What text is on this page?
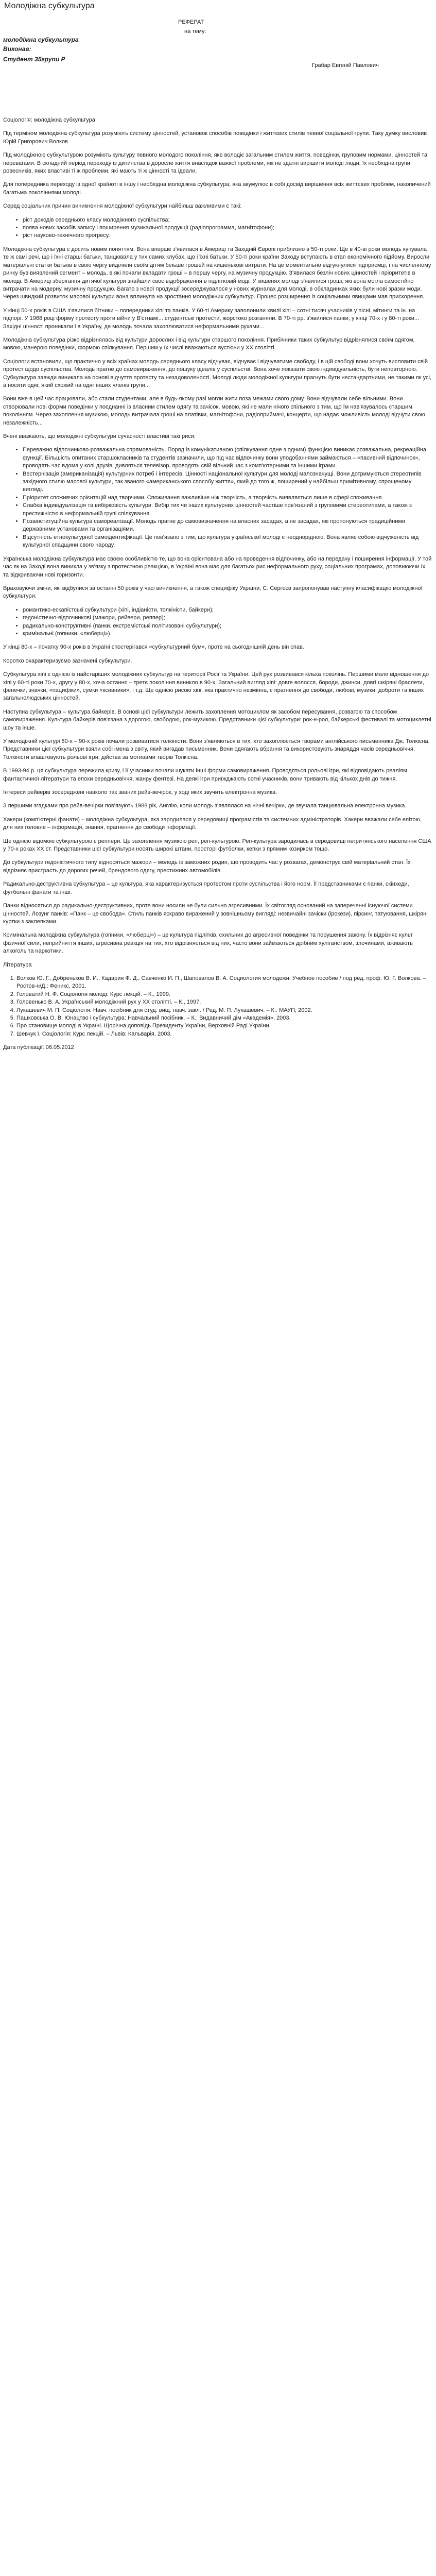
Молодіжна субкультура
РЕФЕРАТ
на тему:
молодіжна субкультура
Виконав:
Студент 35групи Р
Грабар Евгеній Павлович

Соціологія: молодіжна субкультура

Під терміном молодіжна субкультура розуміють систему цінностей, установок способів поведінки і життєвих стилів певної соціальної групи. Таку думку висловив Юрій Григорович Волков

Під молодіжною субкультурою розуміють культуру певного молодого покоління, яке володіє загальним стилем життя, поведінки, груповим нормами, цінностей та перевагами. В складний період переходу із дитинства в доросле життя внаслідок важкої проблеми, які не здатні вирішити молоді люди, їх необхідна групи ровесників, яких властиві ті ж проблеми, які мають ті ж цінності та ідеали.

Для попередника переходу із одної країноті в іншу і необхідна молодіжна субкультура, яка акумулює в собі досвід вирішення всіх життєвих проблем, накопичений багатьма поколіннями молоді.

Серед соціальних причин виникнення молодіжної субкультури найбільш важливими є такі:

• ріст доходів середнього класу молодіжного суспільства;
• поява нових засобів запису і поширення музикальної продукції (радіопрограмма, магнітофони);
• ріст науково-технічного прогресу.

Молодіжна субкультура є досить новим поняттям. Вона вперше з'явилася в Америці та Західній Європі приблизно в 50-ті роки. Ще в 40-ві роки молодь купувала те ж самі речі, що і їхні старші батьки, танцювала у тих самих клубах, що і їхні батьки. У 50-ті роки країни Заходу вступають в етап економічного підйому. Виросли матеріальні статки батьків в свою чергу виділяли своїм дітям більше грошей на кишенькові витрати. На це моментально відгукнулися підприємці, і на численному ринку був виявлений сегмент – молодь, в які почали вкладати гроші – в першу чергу, на музичну продукцію. З'явилася безліч нових цінностей і пріоритетів в молоді. В Америці зберігання дитячої культури знайшли своє відображення в підлітковій моді. У кишенях молоді з'явилися гроші, які вона могла самостійно витрачати на модерну, музичну продукцію. Багато з нової продукції зосереджувалося у нових журналах для молоді, в обкладинках яких були нові зразки моди. Через швидкий розвиток масової культури вона вплинула на зростання молодіжних субкультур. Процес розширення із соціальними явищами мав прискорення.

У кінці 50-х років в США з'явилися бітники – попередники хіпі та панків. У 60-ті Америку заполонили хвилі хіпі – сотні тисяч учасників у пісні, мітинги та ін. на підпорі. У 1968 році форму протесту проти війни у В'єтнамі... студентські протести, жорстоко розганяли. В 70-ті рр. з'явилися панки, у кінці 70-х і у 80-ті роки... Західні цінності проникали і в Україну, де молодь почала захоплюватися неформальними рухами...

Молодіжна субкультура різко відрізнялась від культури дорослих і від культури старшого покоління. Прибічники таких субкультур відрізнялися своїм одягом, мовою, манерою поведінки, формою спілкування. Першим у їх числі вважаються вустюни у ХХ столітті.

Соціологи встановили, що практично у всіх країнах молодь середнього класу відчуває, відчуває і відчуватиме свободу, і в цій свободі вони хочуть висловити свій протест щодо суспільства. Молодь прагне до самовираження, до пошуку ідеалів у суспільстві. Вона хоче показати свою індивідуальність, бути неповторною. Субкультура завжди виникала на основі відчуття протесту та незадоволеності. Молоді люди молодіжної культури прагнуть бути нестандартними, не такими як усі, а носити одяг, який схожий на одяг інших членів групи...

Вони вже в цей час працювали, або стали студентами, але в будь-якому разі могли жити поза межами свого дому. Вони відчували себе вільними. Вони створювали нові форми поведінки у поєднанні із власним стилем одягу та зачісок, мовою, які не мали нічого спільного з тим, що їм нав'язувалось старшим поколінням. Через захоплення музикою, молодь витрачала гроші на платівки, магнітофони, радіоприймачі, концерти, що надає можливість молоді відчути свою незалежність...

Вчені вважають, що молодіжні субкультури сучасності властиві такі риси:

• Переважно відпочинково-розважальна спрямованість. Поряд із комунікативною (спілкування одне з одним) функцією виникає розважальна, рекреаційна функції. Більшість опитаних старшокласників та студентів зазначили, що під час відпочинку вони уподобаннями займаються – «пасивний відпочинок», проводять час вдома у колі друзів, дивляться телевізор, проводять свій вільний час з комп'ютерними та іншими іграми.
• Вестернізація (американізація) культурних потреб і інтересів. Цінності національної культури для молоді малозначущі. Вони дотримуються стереотипів західного стилю масової культури, так званого «американського способу життя», який до того ж, поширений у найбільш примітивному, спрощеному вигляді.
• Пріоритет споживчих орієнтацій над творчими. Споживання важливіше ніж творчість, а творчість виявляється лише в сфері споживання.
• Слабка індивідуалізація та вибірковість культури. Вибір тих чи інших культурних цінностей частіше пов'язаний з груповими стереотипами, а також з престижністю в неформальній групі спілкування.
• Позаінституційна культура самореалізації. Молодь прагне до самовизначення на власних засадах, а не засадах, які пропонуються традиційними державними установами та організаціями.
• Відсутність етнокультурної самоідентифікації. Це пов'язано з тим, що культура української молоді є неоднорідною. Вона являє собою відчуженість від культурної спадщини свого народу.

Українська молодіжна субкультура має своєю особливістю те, що вона орієнтована або на проведення відпочинку, або на передачу і поширення інформації. У той час як на Заході вона виникла у зв'язку з протестною реакцією, в Україні вона має для багатьох рис неформального руху, соціальних програмах, доповнюючи їх та відкриваючи нові горизонти.

Враховуючи зміни, які відбулися за останні 50 років у часі виникнення, а також специфіку України, С. Сергєєв запропонував наступну класифікацію молодіжної субкультури:

• романтико-ескапістські субкультури (хіпі, індіаністи, толкіністи, байкери);
• гедоністично-відпочинкові (мажори, рейвери, реппер);
• радикально-конструктивні (панки, екстремістські політизовані субкультури);
• кримінальні (гопники, «люберці»).

У кінці 80-х – початку 90-х років в Україні спостерігався «субкультурний бум», проте на сьогоднішній день він спав.

Коротко охарактеризуємо зазначені субкультури.

Субкультура хіпі є однією із найстаріших молодіжних субкультур на території Росії та України. Цей рух розвивався кілька поколінь. Першими мали відношення до хіпі у 60-ті роки 70-х, другу у 80-х, хоча останнє – третє покоління виникло в 90-х. Загальний вигляд хіпі: довге волосся, бороди, джинси, довгі шкіряні браслети, фенечки, значки, «пацифіки», сумки «ксивники», і т.д. Ще однією рисою хіпі, яка практично незмінна, є прагнення до свободи, любові, музики, доброти та інших загальнолюдських цінностей.

Наступна субкультура – культура байкерів. В основі цієї субкультури лежить захоплення мотоциклом як засобом пересування, розвагою та способом самовираження. Культура байкерів пов'язана з дорогою, свободою, рок-музикою. Представники цієї субкультури: рок-н-рол, байкерські фестивалі та мотоциклетні шоу та інше.

У молодіжній культурі 80-х – 90-х років почали розвиватися толкіністи. Вони з'являються в тих, хто захоплюється творами англійського письменника Дж. Толкієна. Представники цієї субкультури взяли собі імена з світу, який вигадав письменник. Вони одягають вбрання та використовують знаряддя часів середньовіччя. Толкіністи влаштовують рольові ігри, дійства за мотивами творів Толкієна.

В 1993-94 р. ця субкультура пережила кризу, і її учасники почали шукати інші форми самовираження. Проводяться рольові ігри, які відповідають реаліям фантастичної літератури та епохи середньовіччя, жанру фентезі. На деякі ігри приїжджають сотні учасників, вони тривають від кількох днів до тижня.

Інтереси рейверів зосереджені навколо так званих рейв-вечірок, у ході яких звучить електронна музика.

З першими згадками про рейв-вечірки пов'язують 1988 рік, Англію, коли молодь з'являлася на нічні вечірки, де звучала танцювальна електронна музика.

Хакери (комп'ютерні фанати) – молодіжна субкультура, яка зародилася у середовищі програмістів та системних адміністраторів. Хакери вважали себе елітою, для них головне – інформація, знання, прагнення до свободи інформації.

Ще однією відомою субкультурою є реппери. Це захоплення музикою реп, реп-культурою. Реп-культура зародилась в середовищі негритянського населення США у 70-х роках ХХ ст. Представники цієї субкультури носять широкі штани, просторі футболки, кепки з прямим козирком тощо.

До субкультури гедоністичного типу відносяться мажори – молодь із заможних родин, що проводить час у розвагах, демонструє свій матеріальний стан. Їх відрізняє пристрасть до дорогих речей, брендового одягу, престижних автомобілів.

Радикально-деструктивна субкультура – це культура, яка характеризується протестом проти суспільства і його норм. Її представниками є панки, скінхеди, футбольні фанати та інші.

Панки відносяться до радикально-деструктивних, проте вони носили не були сильно агресивними. Їх світогляд оснований на запереченні існуючої системи цінностей. Лозунг панків: «Панк – це свобода». Стиль панків яскраво виражений у зовнішньому вигляді: незвичайні зачіски (ірокези), пірсинг, татуювання, шкіряні куртки з заклепками.

Кримінальна молодіжна субкультура (гопники, «люберці») – це культура підлітків, схильних до агресивної поведінки та порушення закону. Їх відрізняє культ фізичної сили, неприйняття інших, агресивна реакція на тих, хто відрізняється від них, часто вони займаються дрібним хуліганством, злочинами, вживають алкоголь та наркотики.

Література

1. Волков Ю. Г., Добреньков В. И., Кадария Ф. Д., Савченко И. П., Шаповалов В. А. Социология молодежи: Учебное пособие / под ред. проф. Ю. Г. Волкова. – Ростов-н/Д.: Феникс, 2001.
2. Головатий Н. Ф. Соціологія молоді: Курс лекцій. – К., 1999.
3. Головенько В. А. Український молодіжний рух у ХХ столітті. – К., 1997.
4. Лукашевич М. П. Соціологія: Навч. посібник для студ. вищ. навч. закл. / Ред. М. П. Лукашевич. – К.: МАУП, 2002.
5. Пашковська О. В. Юнацтво і субкультура: Навчальний посібник. – К.: Видавничий дім «Академія», 2003.
6. Про становище молоді в Україні. Щорічна доповідь Президенту України, Верховній Раді України.
7. Шевчук І. Соціологія: Курс лекцій. – Львів: Кальварія, 2003.

Дата публікації: 06.05.2012
